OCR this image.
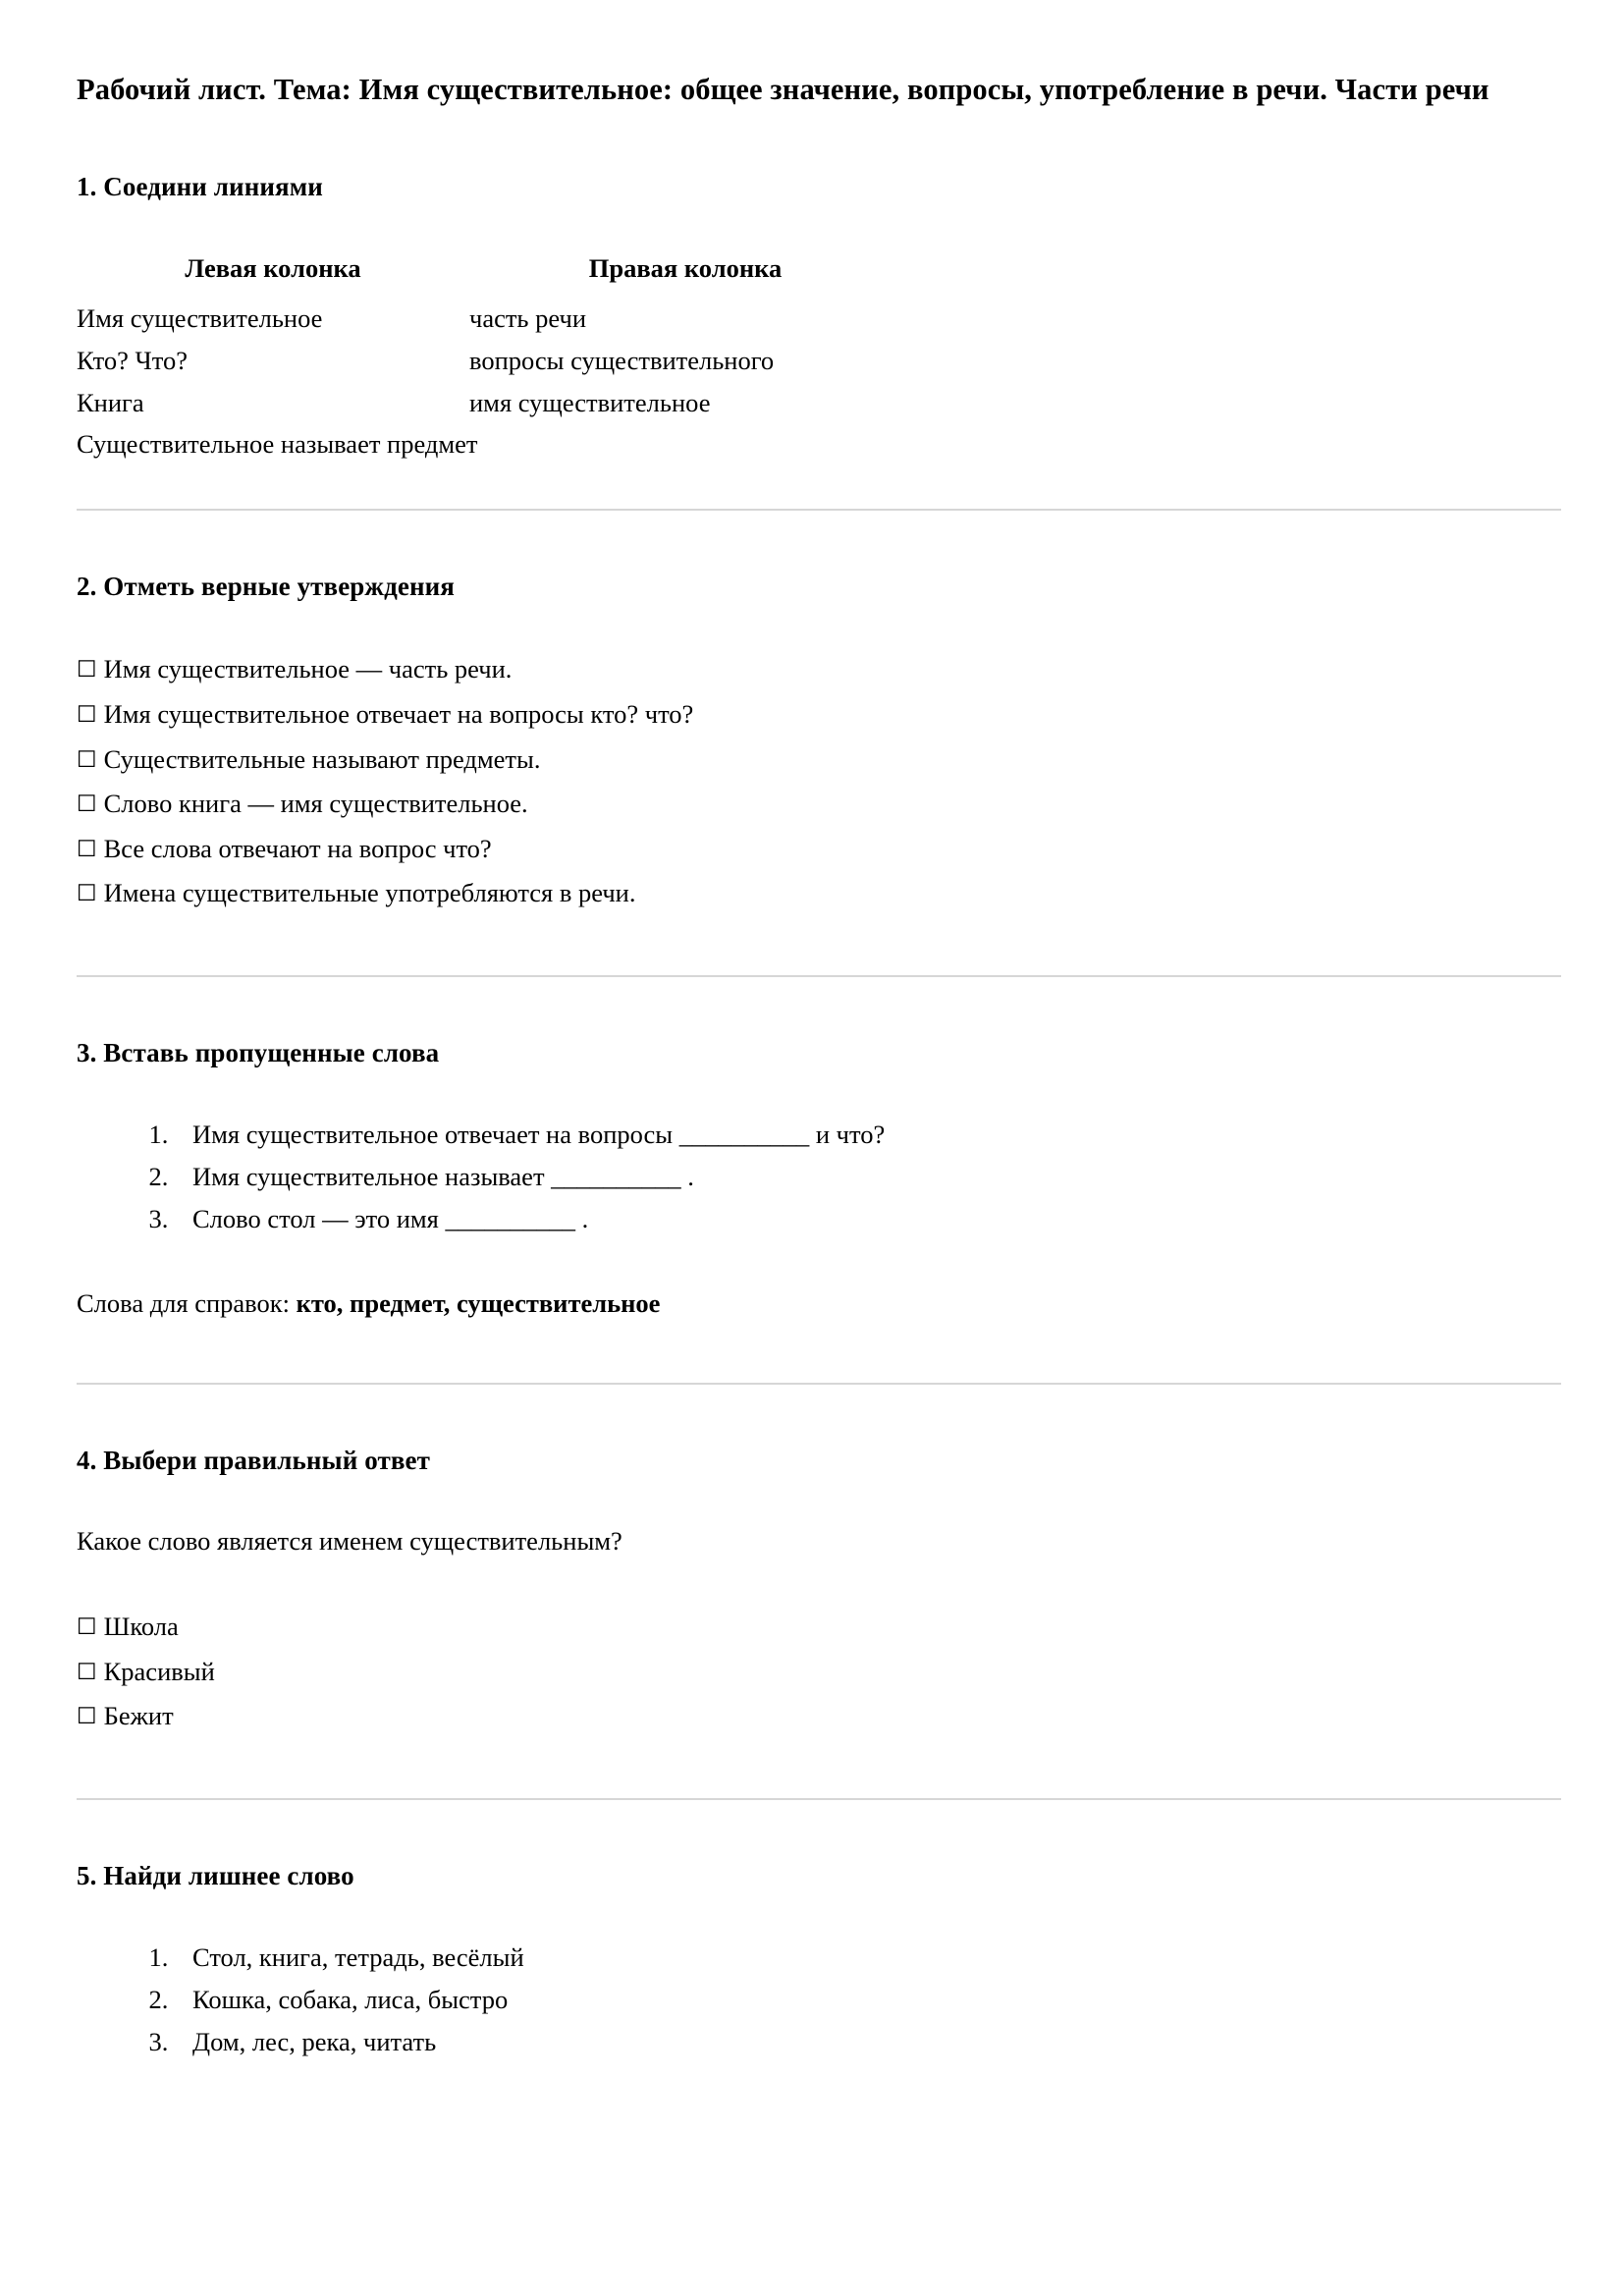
Рабочий лист. Тема: Имя существительное: общее значение, вопросы, употребление в речи. Части речи
1. Соедини линиями
Левая колонка	Правая колонка
Имя существительное	часть речи
Кто? Что?	вопросы существительного
Книга	имя существительное
Существительное называет предмет	
2. Отметь верные утверждения
☐ Имя существительное — часть речи.
☐ Имя существительное отвечает на вопросы кто? что?
☐ Существительные называют предметы.
☐ Слово книга — имя существительное.
☐ Все слова отвечают на вопрос что?
☐ Имена существительные употребляются в речи.
3. Вставь пропущенные слова
1. Имя существительное отвечает на вопросы __________ и что?
2. Имя существительное называет __________ .
3. Слово стол — это имя __________ .

Слова для справок: кто, предмет, существительное

4. Выбери правильный ответ

Какое слово является именем существительным?

☐ Школа
☐ Красивый
☐ Бежит
5. Найди лишнее слово
1. Стол, книга, тетрадь, весёлый
2. Кошка, собака, лиса, быстро
3. Дом, лес, река, читать
